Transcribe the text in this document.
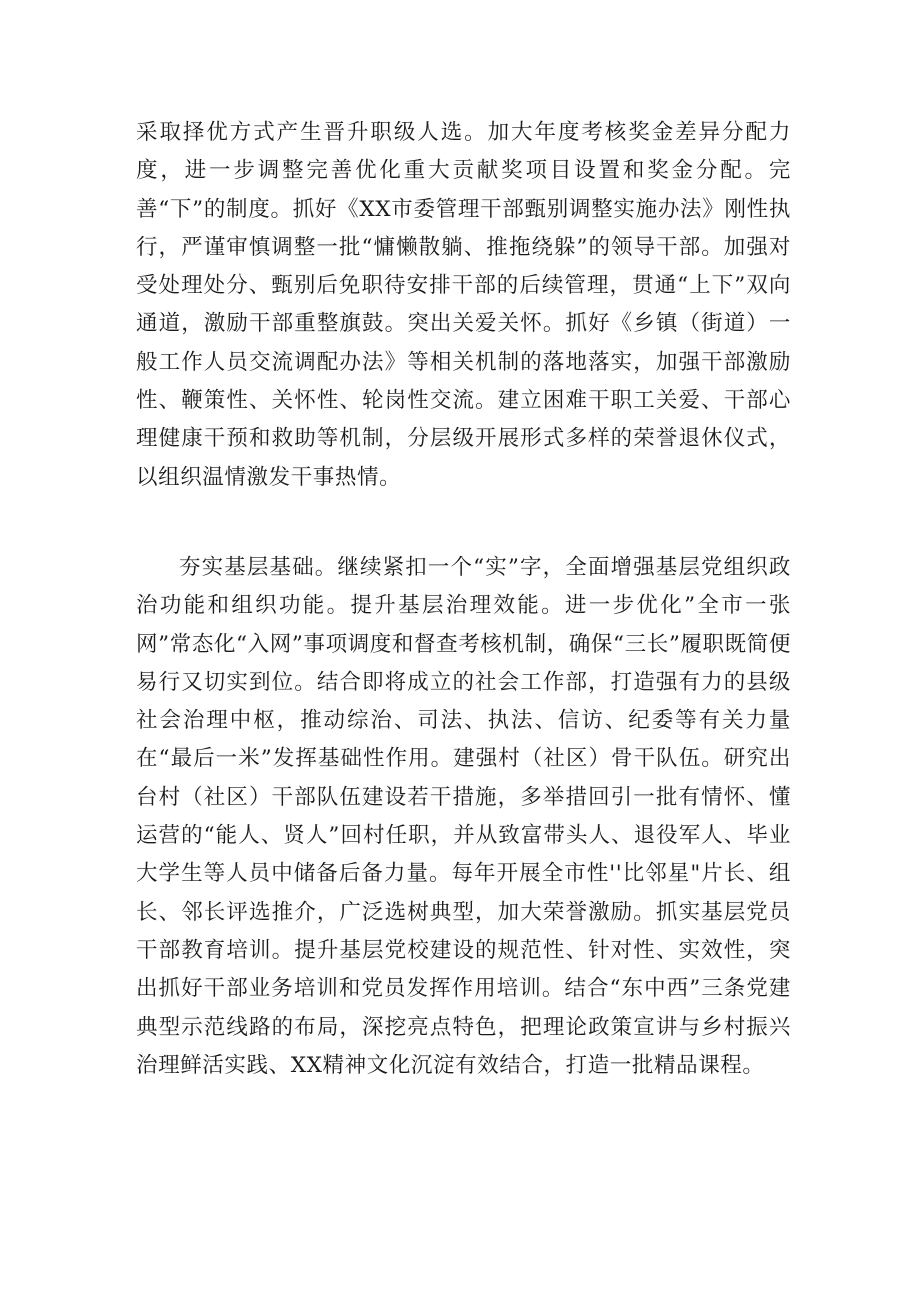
采取择优方式产生晋升职级人选。加大年度考核奖金差异分配力度，进一步调整完善优化重大贡献奖项目设置和奖金分配。完善“下”的制度。抓好《XX市委管理干部甄别调整实施办法》刚性执行，严谨审慎调整一批“慵懒散躺、推拖绕躲”的领导干部。加强对受处理处分、甄别后免职待安排干部的后续管理，贯通“上下”双向通道，激励干部重整旗鼓。突出关爱关怀。抓好《乡镇（街道）一般工作人员交流调配办法》等相关机制的落地落实，加强干部激励性、鞭策性、关怀性、轮岗性交流。建立困难干职工关爱、干部心理健康干预和救助等机制，分层级开展形式多样的荣誉退休仪式，以组织温情激发干事热情。

夯实基层基础。继续紧扣一个“实”字，全面增强基层党组织政治功能和组织功能。提升基层治理效能。进一步优化”全市一张网”常态化“入网”事项调度和督查考核机制，确保“三长”履职既简便易行又切实到位。结合即将成立的社会工作部，打造强有力的县级社会治理中枢，推动综治、司法、执法、信访、纪委等有关力量在“最后一米”发挥基础性作用。建强村（社区）骨干队伍。研究出台村（社区）干部队伍建设若干措施，多举措回引一批有情怀、懂运营的“能人、贤人”回村任职，并从致富带头人、退役军人、毕业大学生等人员中储备后备力量。每年开展全市性''比邻星"片长、组长、邻长评选推介，广泛选树典型，加大荣誉激励。抓实基层党员干部教育培训。提升基层党校建设的规范性、针对性、实效性，突出抓好干部业务培训和党员发挥作用培训。结合“东中西”三条党建典型示范线路的布局，深挖亮点特色，把理论政策宣讲与乡村振兴治理鲜活实践、XX精神文化沉淀有效结合，打造一批精品课程。
